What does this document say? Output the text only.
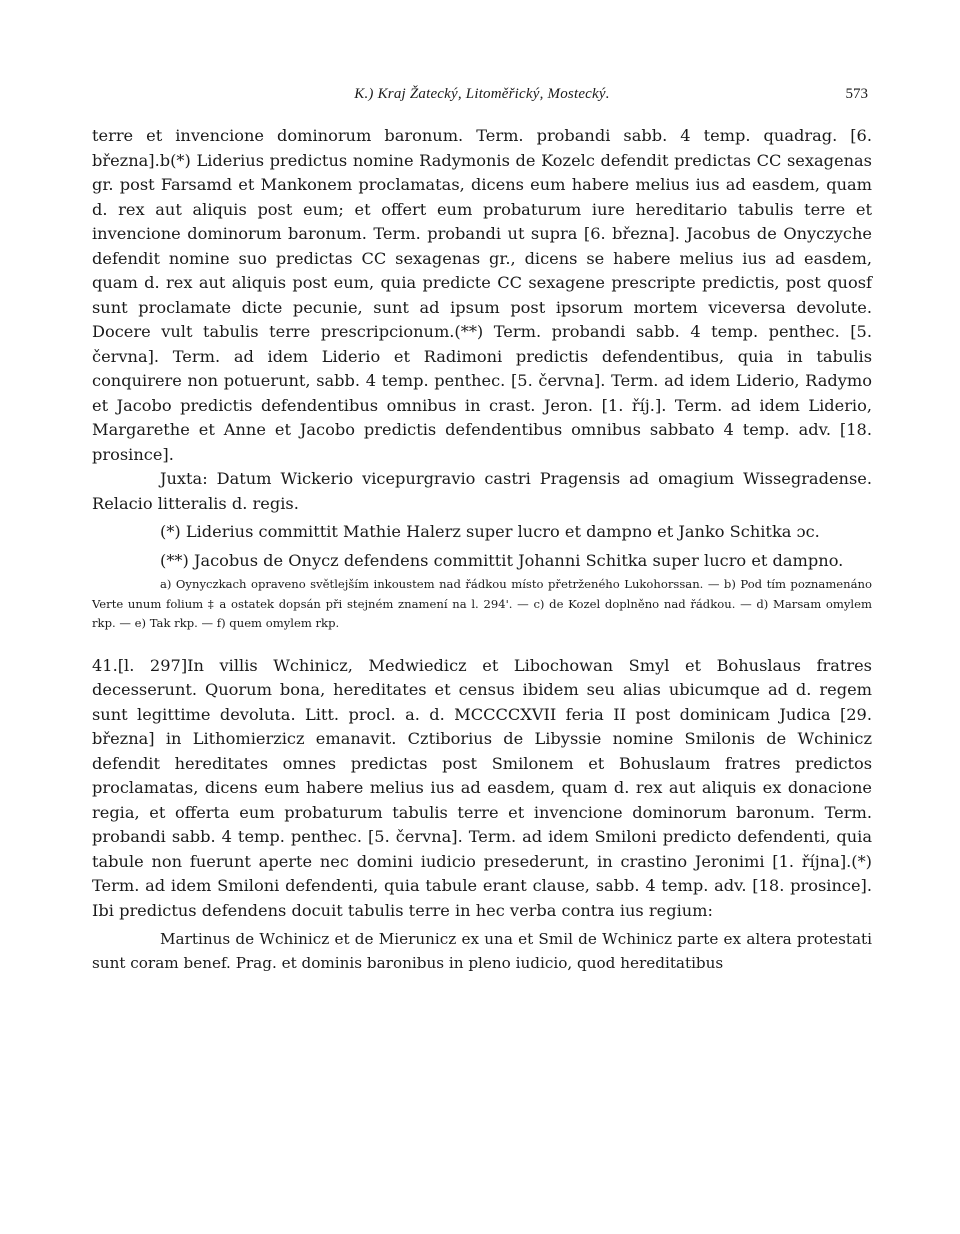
K.) Kraj Žatecký, Litoměřický, Mostecký.	573

terre et invencione dominorum baronum. Term. probandi sabb. 4 temp. quadrag. [6. března].b(*) Liderius predictus nomine Radymonis de Kozelc defendit predictas CC sexagenas gr. post Farsamd et Mankonem proclamatas, dicens eum habere melius ius ad easdem, quam d. rex aut aliquis post eum; et offert eum probaturum iure hereditario tabulis terre et invencione dominorum baronum. Term. probandi ut supra [6. března]. Jacobus de Onyczyche defendit nomine suo predictas CC sexagenas gr., dicens se habere melius ius ad easdem, quam d. rex aut aliquis post eum, quia predicte CC sexagene prescripte predictis, post quosf sunt proclamate dicte pecunie, sunt ad ipsum post ipsorum mortem viceversa devolute. Docere vult tabulis terre prescripcionum.(**) Term. probandi sabb. 4 temp. penthec. [5. června]. Term. ad idem Liderio et Radimoni predictis defendentibus, quia in tabulis conquirere non potuerunt, sabb. 4 temp. penthec. [5. června]. Term. ad idem Liderio, Radymo et Jacobo predictis defendentibus omnibus in crast. Jeron. [1. říj.]. Term. ad idem Liderio, Margarethe et Anne et Jacobo predictis defendentibus omnibus sabbato 4 temp. adv. [18. prosince].

Juxta: Datum Wickerio vicepurgravio castri Pragensis ad omagium Wissegradense. Relacio litteralis d. regis.

(*) Liderius committit Mathie Halerz super lucro et dampno et Janko Schitka ɔc.

(**) Jacobus de Onycz defendens committit Johanni Schitka super lucro et dampno.

a) Oynyczkach opraveno světlejším inkoustem nad řádkou místo přetrženého Lukohorssan. — b) Pod tím poznamenáno Verte unum folium ‡ a ostatek dopsán při stejném znamení na l. 294'. — c) de Kozel doplněno nad řádkou. — d) Marsam omylem rkp. — e) Tak rkp. — f) quem omylem rkp.

41.[l. 297]In villis Wchinicz, Medwiedicz et Libochowan Smyl et Bohuslaus fratres decesserunt. Quorum bona, hereditates et census ibidem seu alias ubicumque ad d. regem sunt legittime devoluta. Litt. procl. a. d. MCCCCXVII feria II post dominicam Judica [29. března] in Lithomierzicz emanavit. Cztiborius de Libyssie nomine Smilonis de Wchinicz defendit hereditates omnes predictas post Smilonem et Bohuslaum fratres predictos proclamatas, dicens eum habere melius ius ad easdem, quam d. rex aut aliquis ex donacione regia, et offerta eum probaturum tabulis terre et invencione dominorum baronum. Term. probandi sabb. 4 temp. penthec. [5. června]. Term. ad idem Smiloni predicto defendenti, quia tabule non fuerunt aperte nec domini iudicio presederunt, in crastino Jeronimi [1. října].(*) Term. ad idem Smiloni defendenti, quia tabule erant clause, sabb. 4 temp. adv. [18. prosince]. Ibi predictus defendens docuit tabulis terre in hec verba contra ius regium:

Martinus de Wchinicz et de Mierunicz ex una et Smil de Wchinicz parte ex altera protestati sunt coram benef. Prag. et dominis baronibus in pleno iudicio, quod hereditatibus
